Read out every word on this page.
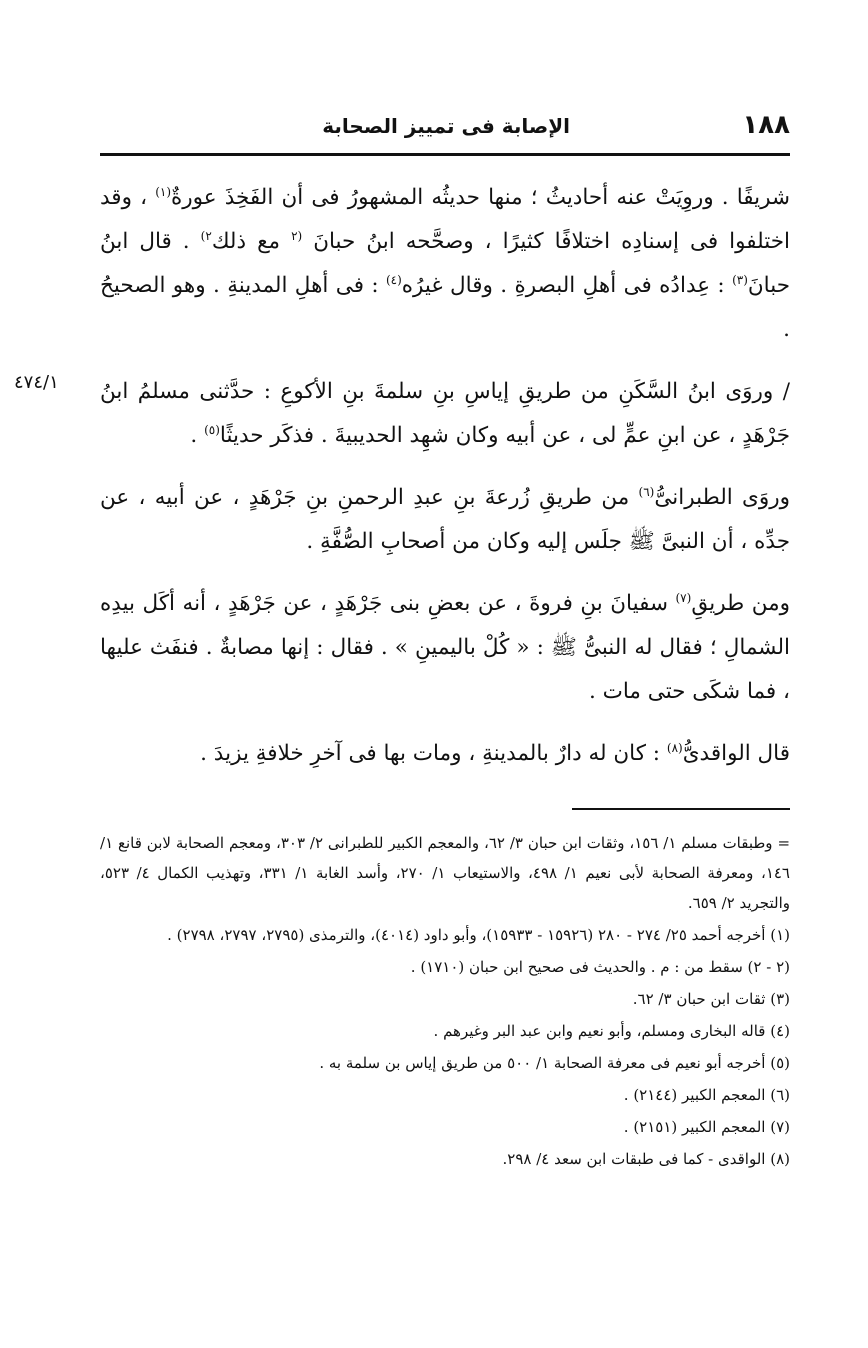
١٨٨
الإصابة فى تمييز الصحابة
٤٧٤/١

شريفًا . وروِيَتْ عنه أحاديثُ ؛ منها حديثُه المشهورُ فى أن الفَخِذَ عورةٌ$^{(١)}$ ، وقد اختلفوا فى إسنادِه اختلافًا كثيرًا ، وصحَّحه ابنُ حبانَ $^{(٢}$ مع ذلك$^{٢)}$ . قال ابنُ حبانَ$^{(٣)}$ : عِدادُه فى أهلِ البصرةِ . وقال غيرُه$^{(٤)}$ : فى أهلِ المدينةِ . وهو الصحيحُ .

/ وروَى ابنُ السَّكَنِ من طريقِ إياسِ بنِ سلمةَ بنِ الأكوعِ : حدَّثنى مسلمُ ابنُ جَرْهَدٍ ، عن ابنِ عمٍّ لى ، عن أبيه وكان شهِد الحديبيةَ . فذكَر حديثًا$^{(٥)}$ .

وروَى الطبرانىُّ$^{(٦)}$ من طريقِ زُرعةَ بنِ عبدِ الرحمنِ بنِ جَرْهَدٍ ، عن أبيه ، عن جدِّه ، أن النبىَّ ﷺ جلَس إليه وكان من أصحابِ الصُّفَّةِ .

ومن طريقِ$^{(٧)}$ سفيانَ بنِ فروةَ ، عن بعضِ بنى جَرْهَدٍ ، عن جَرْهَدٍ ، أنه أكَل بيدِه الشمالِ ؛ فقال له النبىُّ ﷺ : « كُلْ باليمينِ » . فقال : إنها مصابةٌ . فنفَث عليها ، فما شكَى حتى مات .

قال الواقدىُّ$^{(٨)}$ : كان له دارٌ بالمدينةِ ، ومات بها فى آخرِ خلافةِ يزيدَ .

= وطبقات مسلم ١/ ١٥٦، وثقات ابن حبان ٣/ ٦٢، والمعجم الكبير للطبرانى ٢/ ٣٠٣، ومعجم الصحابة لابن قانع ١/ ١٤٦، ومعرفة الصحابة لأبى نعيم ١/ ٤٩٨، والاستيعاب ١/ ٢٧٠، وأسد الغابة ١/ ٣٣١، وتهذيب الكمال ٤/ ٥٢٣، والتجريد ٢/ ٦٥٩.
(١) أخرجه أحمد ٢٥/ ٢٧٤ - ٢٨٠ (١٥٩٢٦ - ١٥٩٣٣)، وأبو داود (٤٠١٤)، والترمذى (٢٧٩٥، ٢٧٩٧، ٢٧٩٨) .
(٢ - ٢) سقط من : م . والحديث فى صحيح ابن حبان (١٧١٠) .
(٣) ثقات ابن حبان ٣/ ٦٢.
(٤) قاله البخارى ومسلم، وأبو نعيم وابن عبد البر وغيرهم .
(٥) أخرجه أبو نعيم فى معرفة الصحابة ١/ ٥٠٠ من طريق إياس بن سلمة به .
(٦) المعجم الكبير (٢١٤٤) .
(٧) المعجم الكبير (٢١٥١) .
(٨) الواقدى - كما فى طبقات ابن سعد ٤/ ٢٩٨.
